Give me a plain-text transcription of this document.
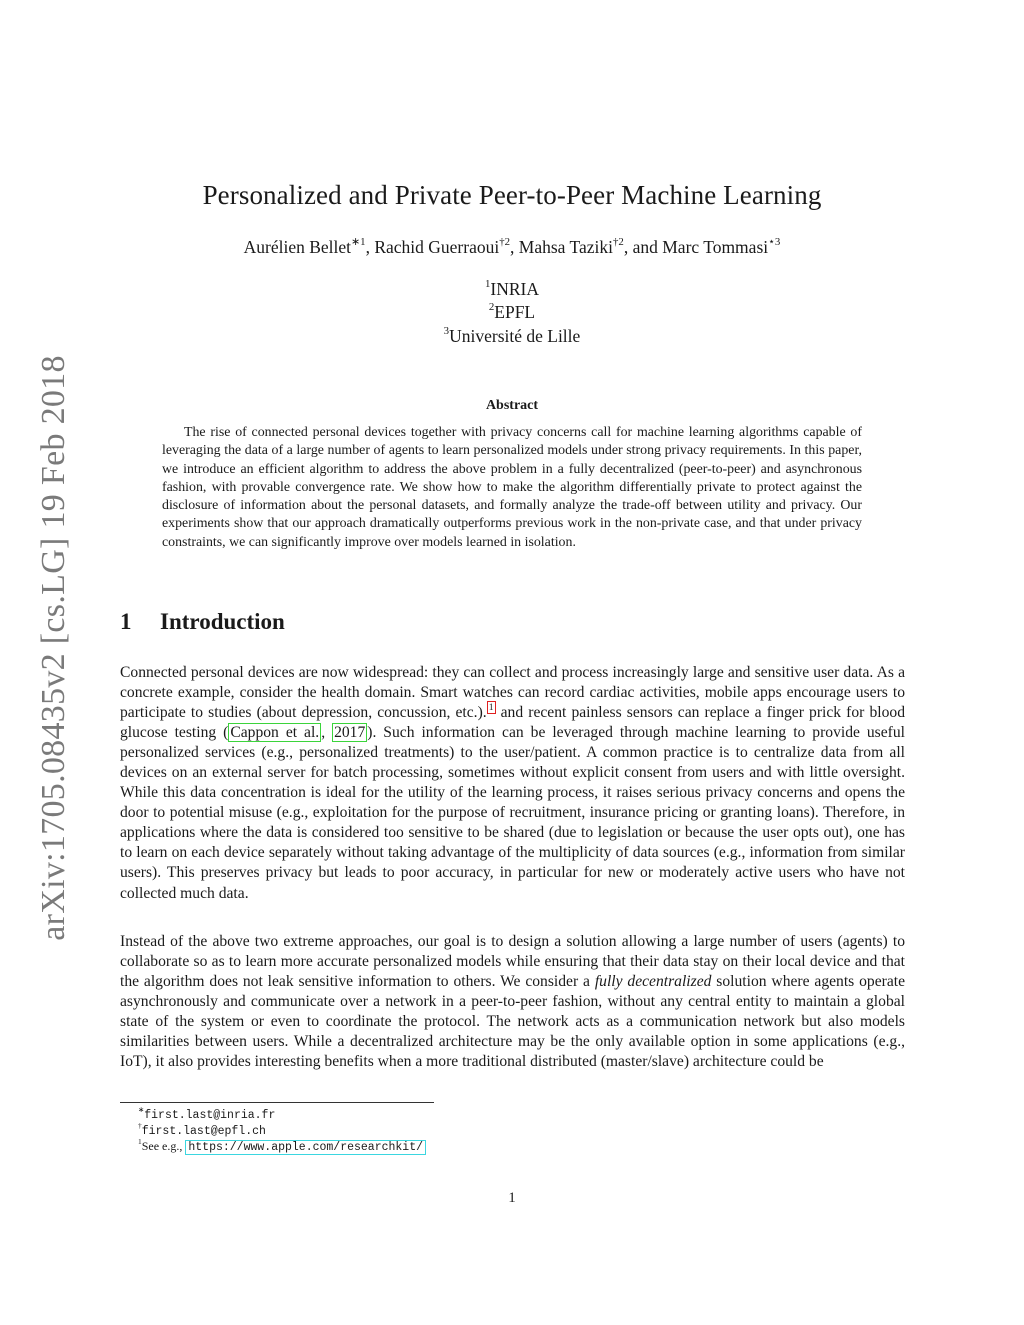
arXiv:1705.08435v2 [cs.LG] 19 Feb 2018
Personalized and Private Peer-to-Peer Machine Learning
Aurélien Bellet$^{∗1}$, Rachid Guerraoui$^{\dagger 2}$, Mahsa Taziki$^{\dagger 2}$, and Marc Tommasi$^{⋆3}$
$^1$INRIA
$^2$EPFL
$^3$Université de Lille
Abstract
The rise of connected personal devices together with privacy concerns call for machine learning algorithms capable of leveraging the data of a large number of agents to learn personalized models under strong privacy requirements. In this paper, we introduce an efficient algorithm to address the above problem in a fully decentralized (peer-to-peer) and asynchronous fashion, with provable convergence rate. We show how to make the algorithm differentially private to protect against the disclosure of information about the personal datasets, and formally analyze the trade-off between utility and privacy. Our experiments show that our approach dramatically outperforms previous work in the non-private case, and that under privacy constraints, we can significantly improve over models learned in isolation.
1 Introduction
Connected personal devices are now widespread: they can collect and process increasingly large and sensitive user data. As a concrete example, consider the health domain. Smart watches can record cardiac activities, mobile apps encourage users to participate to studies (about depression, concussion, etc.). $^1$ and recent painless sensors can replace a finger prick for blood glucose testing ( Cappon et al. , 2017 ). Such information can be leveraged through machine learning to provide useful personalized services (e.g., personalized treatments) to the user/patient. A common practice is to centralize data from all devices on an external server for batch processing, sometimes without explicit consent from users and with little oversight. While this data concentration is ideal for the utility of the learning process, it raises serious privacy concerns and opens the door to potential misuse (e.g., exploitation for the purpose of recruitment, insurance pricing or granting loans). Therefore, in applications where the data is considered too sensitive to be shared (due to legislation or because the user opts out), one has to learn on each device separately without taking advantage of the multiplicity of data sources (e.g., information from similar users). This preserves privacy but leads to poor accuracy, in particular for new or moderately active users who have not collected much data.
Instead of the above two extreme approaches, our goal is to design a solution allowing a large number of users (agents) to collaborate so as to learn more accurate personalized models while ensuring that their data stay on their local device and that the algorithm does not leak sensitive information to others. We consider a fully decentralized solution where agents operate asynchronously and communicate over a network in a peer-to-peer fashion, without any central entity to maintain a global state of the system or even to coordinate the protocol. The network acts as a communication network but also models similarities between users. While a decentralized architecture may be the only available option in some applications (e.g., IoT), it also provides interesting benefits when a more traditional distributed (master/slave) architecture could be
∗first.last@inria.fr
†first.last@epfl.ch
$^1$See e.g., https://www.apple.com/researchkit/
1
